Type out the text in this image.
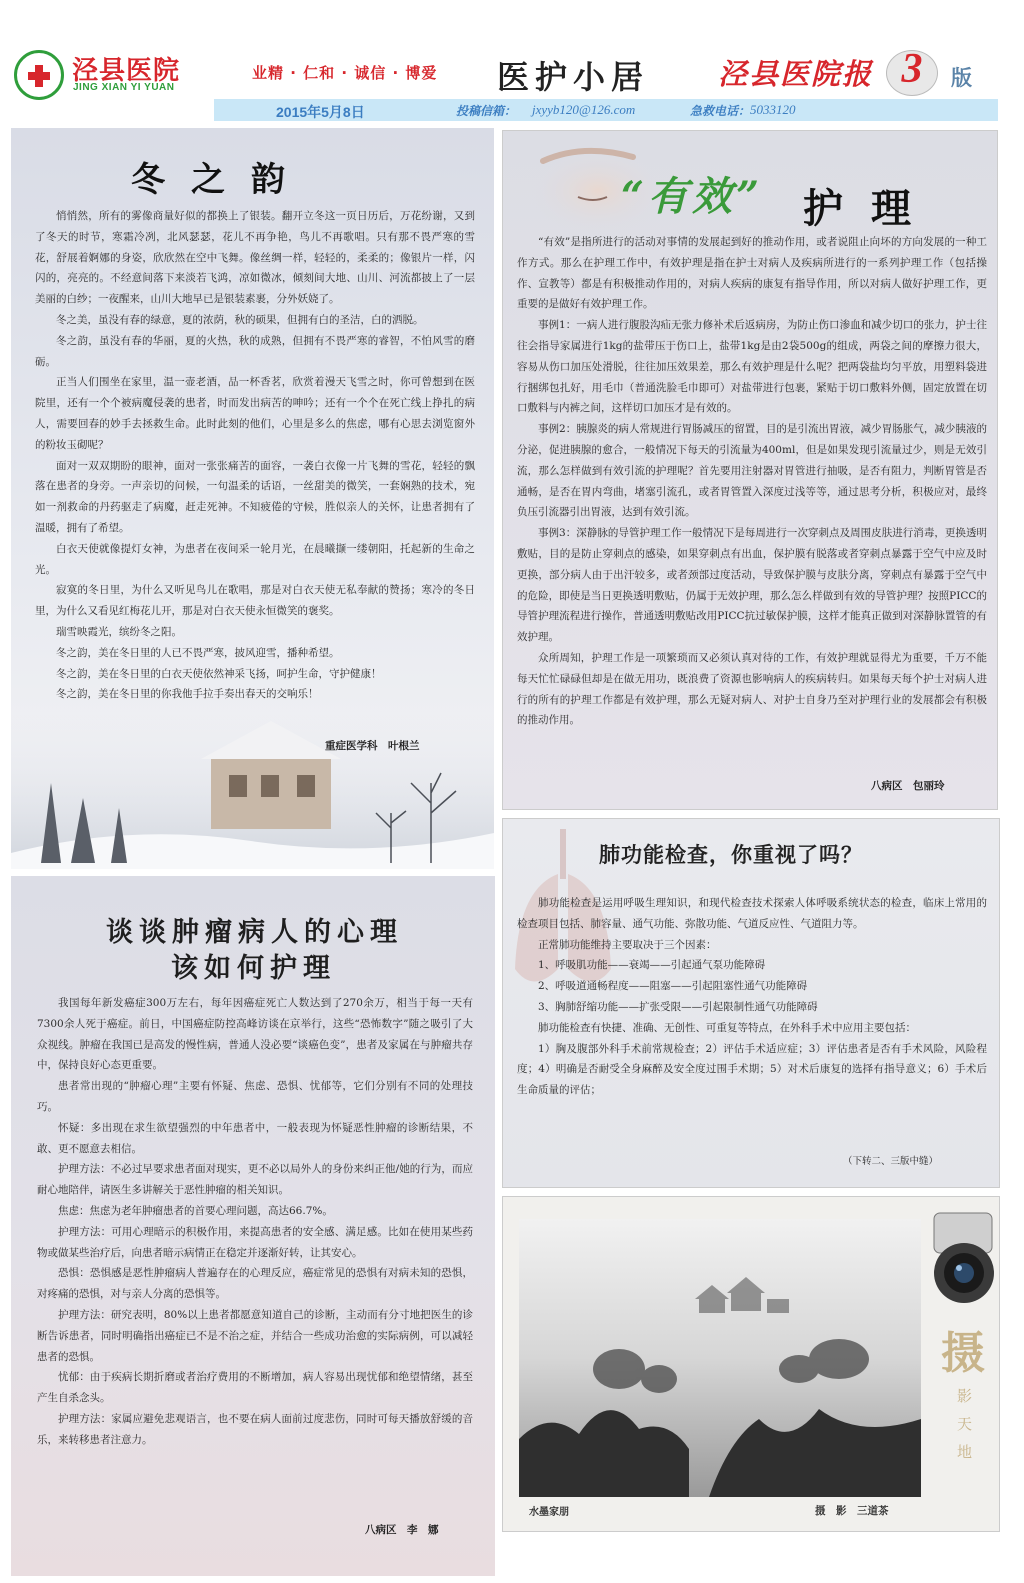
泾县医院
JING XIAN YI YUAN
业精 · 仁和 · 诚信 · 博爱 医护小居 泾县医院报 3	版
2015年5月8日	投稿信箱： jxyyb120@126.com	急救电话： 5033120
冬之韵

悄悄然，所有的雾像商量好似的都换上了银装。翻开立冬这一页日历后，万花纷谢，又到了冬天的时节，寒霜冷冽，北风瑟瑟，花儿不再争艳，鸟儿不再歌唱。只有那不畏严寒的雪花，舒展着婀娜的身姿，欣欣然在空中飞舞。像丝绸一样，轻轻的，柔柔的；像银片一样，闪闪的，亮亮的。不经意间落下来淡若飞鸿，凉如微冰，倾刻间大地、山川、河流都披上了一层美丽的白纱；一夜醒来，山川大地早已是银装素裹，分外妖娆了。

冬之美，虽没有春的绿意，夏的浓荫，秋的硕果，但拥有白的圣洁，白的洒脱。

冬之韵，虽没有春的华丽，夏的火热，秋的成熟，但拥有不畏严寒的睿智，不怕风雪的磨砺。

正当人们围坐在家里，温一壶老酒，品一杯香茗，欣赏着漫天飞雪之时，你可曾想到在医院里，还有一个个被病魔侵袭的患者，时而发出病苦的呻吟；还有一个个在死亡线上挣扎的病人，需要回春的妙手去拯救生命。此时此刻的他们，心里是多么的焦虑，哪有心思去浏览窗外的粉妆玉砌呢？

面对一双双期盼的眼神，面对一张张痛苦的面容，一袭白衣像一片飞舞的雪花，轻轻的飘落在患者的身旁。一声亲切的问候，一句温柔的话语，一丝甜美的微笑，一套娴熟的技术，宛如一剂救命的丹药驱走了病魔，赶走死神。不知疲倦的守候，胜似亲人的关怀，让患者拥有了温暖，拥有了希望。

白衣天使就像提灯女神，为患者在夜间采一轮月光，在晨曦撷一缕朝阳，托起新的生命之光。

寂寞的冬日里，为什么又听见鸟儿在歌唱，那是对白衣天使无私奉献的赞扬；寒冷的冬日里，为什么又看见红梅花儿开，那是对白衣天使永恒微笑的褒奖。

瑞雪映霞光，缤纷冬之阳。

冬之韵，美在冬日里的人已不畏严寒，披风迎雪，播种希望。

冬之韵，美在冬日里的白衣天使依然神采飞扬，呵护生命，守护健康！

冬之韵，美在冬日里的你我他手拉手奏出春天的交响乐！

重症医学科　叶根兰
“有效” 护理

“有效”是指所进行的活动对事情的发展起到好的推动作用，或者说阻止向坏的方向发展的一种工作方式。那么在护理工作中，有效护理是指在护士对病人及疾病所进行的一系列护理工作（包括操作、宣教等）都是有积极推动作用的，对病人疾病的康复有指导作用，所以对病人做好护理工作，更重要的是做好有效护理工作。

事例1：一病人进行腹股沟疝无张力修补术后返病房，为防止伤口渗血和减少切口的张力，护士往往会指导家属进行1kg的盐带压于伤口上，盐带1kg是由2袋500g的组成，两袋之间的摩擦力很大，容易从伤口加压处滑脱，往往加压效果差，那么有效护理是什么呢？把两袋盐均匀平放，用塑料袋进行捆绑包扎好，用毛巾（普通洗脸毛巾即可）对盐带进行包裹，紧贴于切口敷料外侧，固定放置在切口敷料与内裤之间，这样切口加压才是有效的。

事例2：胰腺炎的病人常规进行胃肠减压的留置，目的是引流出胃液，减少胃肠胀气，减少胰液的分泌，促进胰腺的愈合，一般情况下每天的引流量为400ml，但是如果发现引流量过少，则是无效引流，那么怎样做到有效引流的护理呢？首先要用注射器对胃管进行抽吸，是否有阻力，判断胃管是否通畅，是否在胃内弯曲，堵塞引流孔，或者胃管置入深度过浅等等，通过思考分析，积极应对，最终负压引流器引出胃液，达到有效引流。

事例3：深静脉的导管护理工作一般情况下是每周进行一次穿刺点及周围皮肤进行消毒，更换透明敷贴，目的是防止穿刺点的感染，如果穿刺点有出血，保护膜有脱落或者穿刺点暴露于空气中应及时更换，部分病人由于出汗较多，或者颈部过度活动，导致保护膜与皮肤分离，穿刺点有暴露于空气中的危险，即使是当日更换透明敷贴，仍属于无效护理，那么怎么样做到有效的导管护理？按照PICC的导管护理流程进行操作，普通透明敷贴改用PICC抗过敏保护膜，这样才能真正做到对深静脉置管的有效护理。

众所周知，护理工作是一项繁琐而又必须认真对待的工作，有效护理就显得尤为重要，千万不能每天忙忙碌碌但却是在做无用功，既浪费了资源也影响病人的疾病转归。如果每天每个护士对病人进行的所有的护理工作都是有效护理，那么无疑对病人、对护士自身乃至对护理行业的发展都会有积极的推动作用。

八病区　包丽玲
谈谈肿瘤病人的心理
该如何护理

我国每年新发癌症300万左右，每年因癌症死亡人数达到了270余万，相当于每一天有7300余人死于癌症。前日，中国癌症防控高峰访谈在京举行，这些“恐怖数字”随之吸引了大众视线。肿瘤在我国已是高发的慢性病，普通人没必要“谈癌色变”，患者及家属在与肿瘤共存中，保持良好心态更重要。

患者常出现的“肿瘤心理”主要有怀疑、焦虑、恐惧、忧郁等，它们分别有不同的处理技巧。

怀疑：多出现在求生欲望强烈的中年患者中，一般表现为怀疑恶性肿瘤的诊断结果，不敢、更不愿意去相信。

护理方法：不必过早要求患者面对现实，更不必以局外人的身份来纠正他/她的行为，而应耐心地陪伴，请医生多讲解关于恶性肿瘤的相关知识。

焦虑：焦虑为老年肿瘤患者的首要心理问题，高达66.7%。

护理方法：可用心理暗示的积极作用，来提高患者的安全感、满足感。比如在使用某些药物或做某些治疗后，向患者暗示病情正在稳定并逐渐好转，让其安心。

恐惧：恐惧感是恶性肿瘤病人普遍存在的心理反应，癌症常见的恐惧有对病未知的恐惧，对疼痛的恐惧，对与亲人分离的恐惧等。

护理方法：研究表明，80%以上患者都愿意知道自己的诊断，主动而有分寸地把医生的诊断告诉患者，同时明确指出癌症已不是不治之症，并结合一些成功治愈的实际病例，可以减轻患者的恐惧。

忧郁：由于疾病长期折磨或者治疗费用的不断增加，病人容易出现忧郁和绝望情绪，甚至产生自杀念头。

护理方法：家属应避免悲观语言，也不要在病人面前过度悲伤，同时可每天播放舒缓的音乐，来转移患者注意力。

八病区　李　娜
肺功能检查，你重视了吗？

肺功能检查是运用呼吸生理知识，和现代检查技术探索人体呼吸系统状态的检查，临床上常用的检查项目包括、肺容量、通气功能、弥散功能、气道反应性、气道阻力等。

正常肺功能维持主要取决于三个因素：

1、呼吸肌功能——衰竭——引起通气泵功能障碍

2、呼吸道通畅程度——阻塞——引起阻塞性通气功能障碍

3、胸肺舒缩功能——扩张受限——引起限制性通气功能障碍

肺功能检查有快捷、准确、无创性、可重复等特点，在外科手术中应用主要包括：

1）胸及腹部外科手术前常规检查；2）评估手术适应症；3）评估患者是否有手术风险，风险程度；4）明确是否耐受全身麻醉及安全度过围手术期；5）对术后康复的选择有指导意义；6）手术后生命质量的评估；

（下转二、三版中缝）
摄
影
天
地
水墨家朋	摄　影　三道茶
